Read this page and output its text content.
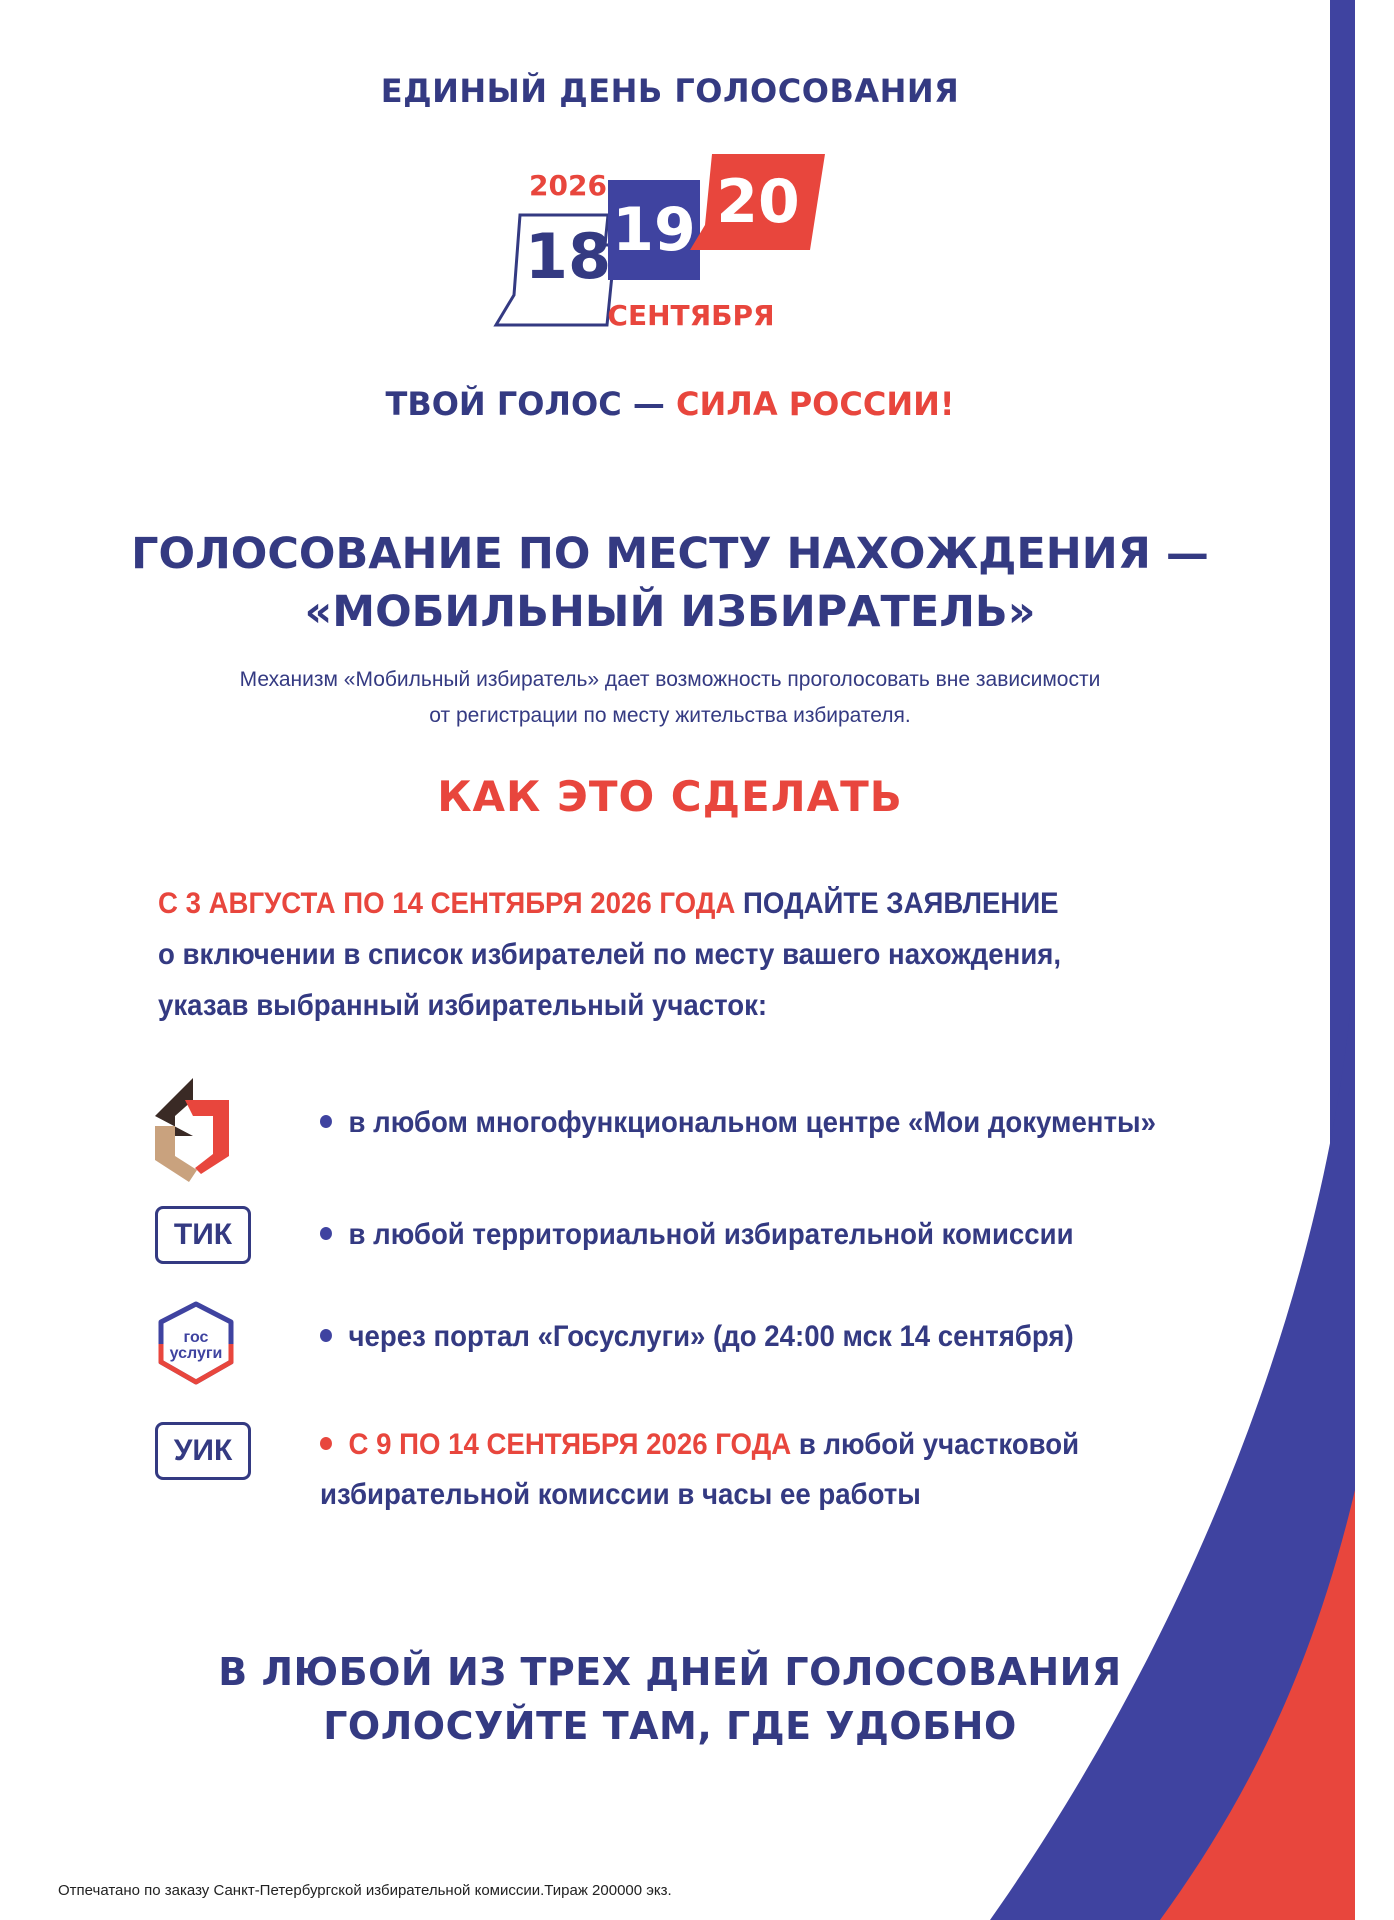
ЕДИНЫЙ ДЕНЬ ГОЛОСОВАНИЯ
2026
18 19 20
СЕНТЯБРЯ
ТВОЙ ГОЛОС — СИЛА РОССИИ!
ГОЛОСОВАНИЕ ПО МЕСТУ НАХОЖДЕНИЯ —
«МОБИЛЬНЫЙ ИЗБИРАТЕЛЬ»
Механизм «Мобильный избиратель» дает возможность проголосовать вне зависимости
от регистрации по месту жительства избирателя.
КАК ЭТО СДЕЛАТЬ
С 3 АВГУСТА ПО 14 СЕНТЯБРЯ 2026 ГОДА ПОДАЙТЕ ЗАЯВЛЕНИЕ
о включении в список избирателей по месту вашего нахождения,
указав выбранный избирательный участок:
в любом многофункциональном центре «Мои документы»
ТИК	в любой территориальной избирательной комиссии
гос
услуги
через портал «Госуслуги» (до 24:00 мск 14 сентября)
УИК	С 9 ПО 14 СЕНТЯБРЯ 2026 ГОДА в любой участковой
избирательной комиссии в часы ее работы
В ЛЮБОЙ ИЗ ТРЕХ ДНЕЙ ГОЛОСОВАНИЯ
ГОЛОСУЙТЕ ТАМ, ГДЕ УДОБНО
Отпечатано по заказу Санкт-Петербургской избирательной комиссии.Тираж 200000 экз.
